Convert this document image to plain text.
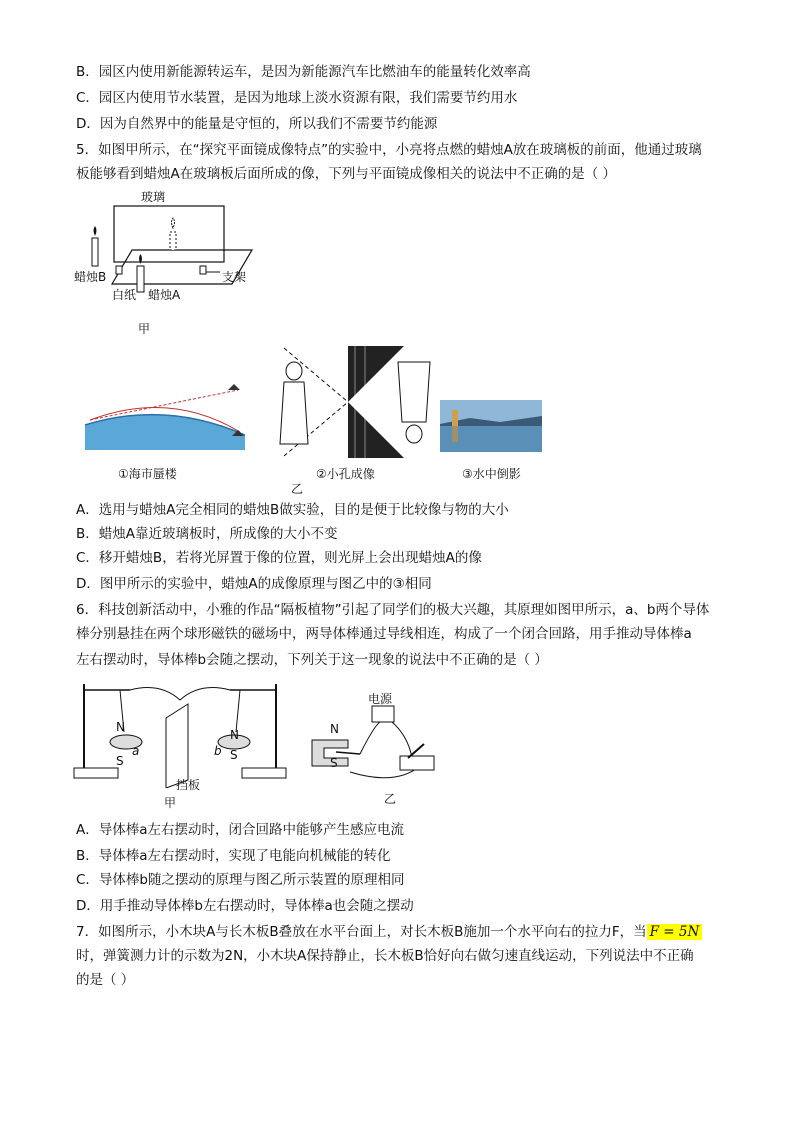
B．园区内使用新能源转运车，是因为新能源汽车比燃油车的能量转化效率高
C．园区内使用节水装置，是因为地球上淡水资源有限，我们需要节约用水
D．因为自然界中的能量是守恒的，所以我们不需要节约能源
5．如图甲所示，在“探究平面镜成像特点”的实验中，小亮将点燃的蜡烛A放在玻璃板的前面，他通过玻璃
板能够看到蜡烛A在玻璃板后面所成的像，下列与平面镜成像相关的说法中不正确的是（ ）
玻璃
蜡烛B
白纸 蜡烛A
支架
甲
①海市蜃楼	②小孔成像	③水中倒影
乙
A．选用与蜡烛A完全相同的蜡烛B做实验，目的是便于比较像与物的大小
B．蜡烛A靠近玻璃板时，所成像的大小不变
C．移开蜡烛B，若将光屏置于像的位置，则光屏上会出现蜡烛A的像
D．图甲所示的实验中，蜡烛A的成像原理与图乙中的③相同
6．科技创新活动中，小雅的作品“隔板植物”引起了同学们的极大兴趣，其原理如图甲所示，a、b两个导体
棒分别悬挂在两个球形磁铁的磁场中，两导体棒通过导线相连，构成了一个闭合回路，用手推动导体棒a
左右摆动时，导体棒b会随之摆动，下列关于这一现象的说法中不正确的是（ ）
N
S
a	b
N
S
挡板
甲
电源
N
S
乙
A．导体棒a左右摆动时，闭合回路中能够产生感应电流
B．导体棒a左右摆动时，实现了电能向机械能的转化
C．导体棒b随之摆动的原理与图乙所示装置的原理相同
D．用手推动导体棒b左右摆动时，导体棒a也会随之摆动
7．如图所示，小木块A与长木板B叠放在水平台面上，对长木板B施加一个水平向右的拉力F，当 F = 5N
时，弹簧测力计的示数为2N，小木块A保持静止，长木板B恰好向右做匀速直线运动，下列说法中不正确
的是（ ）
